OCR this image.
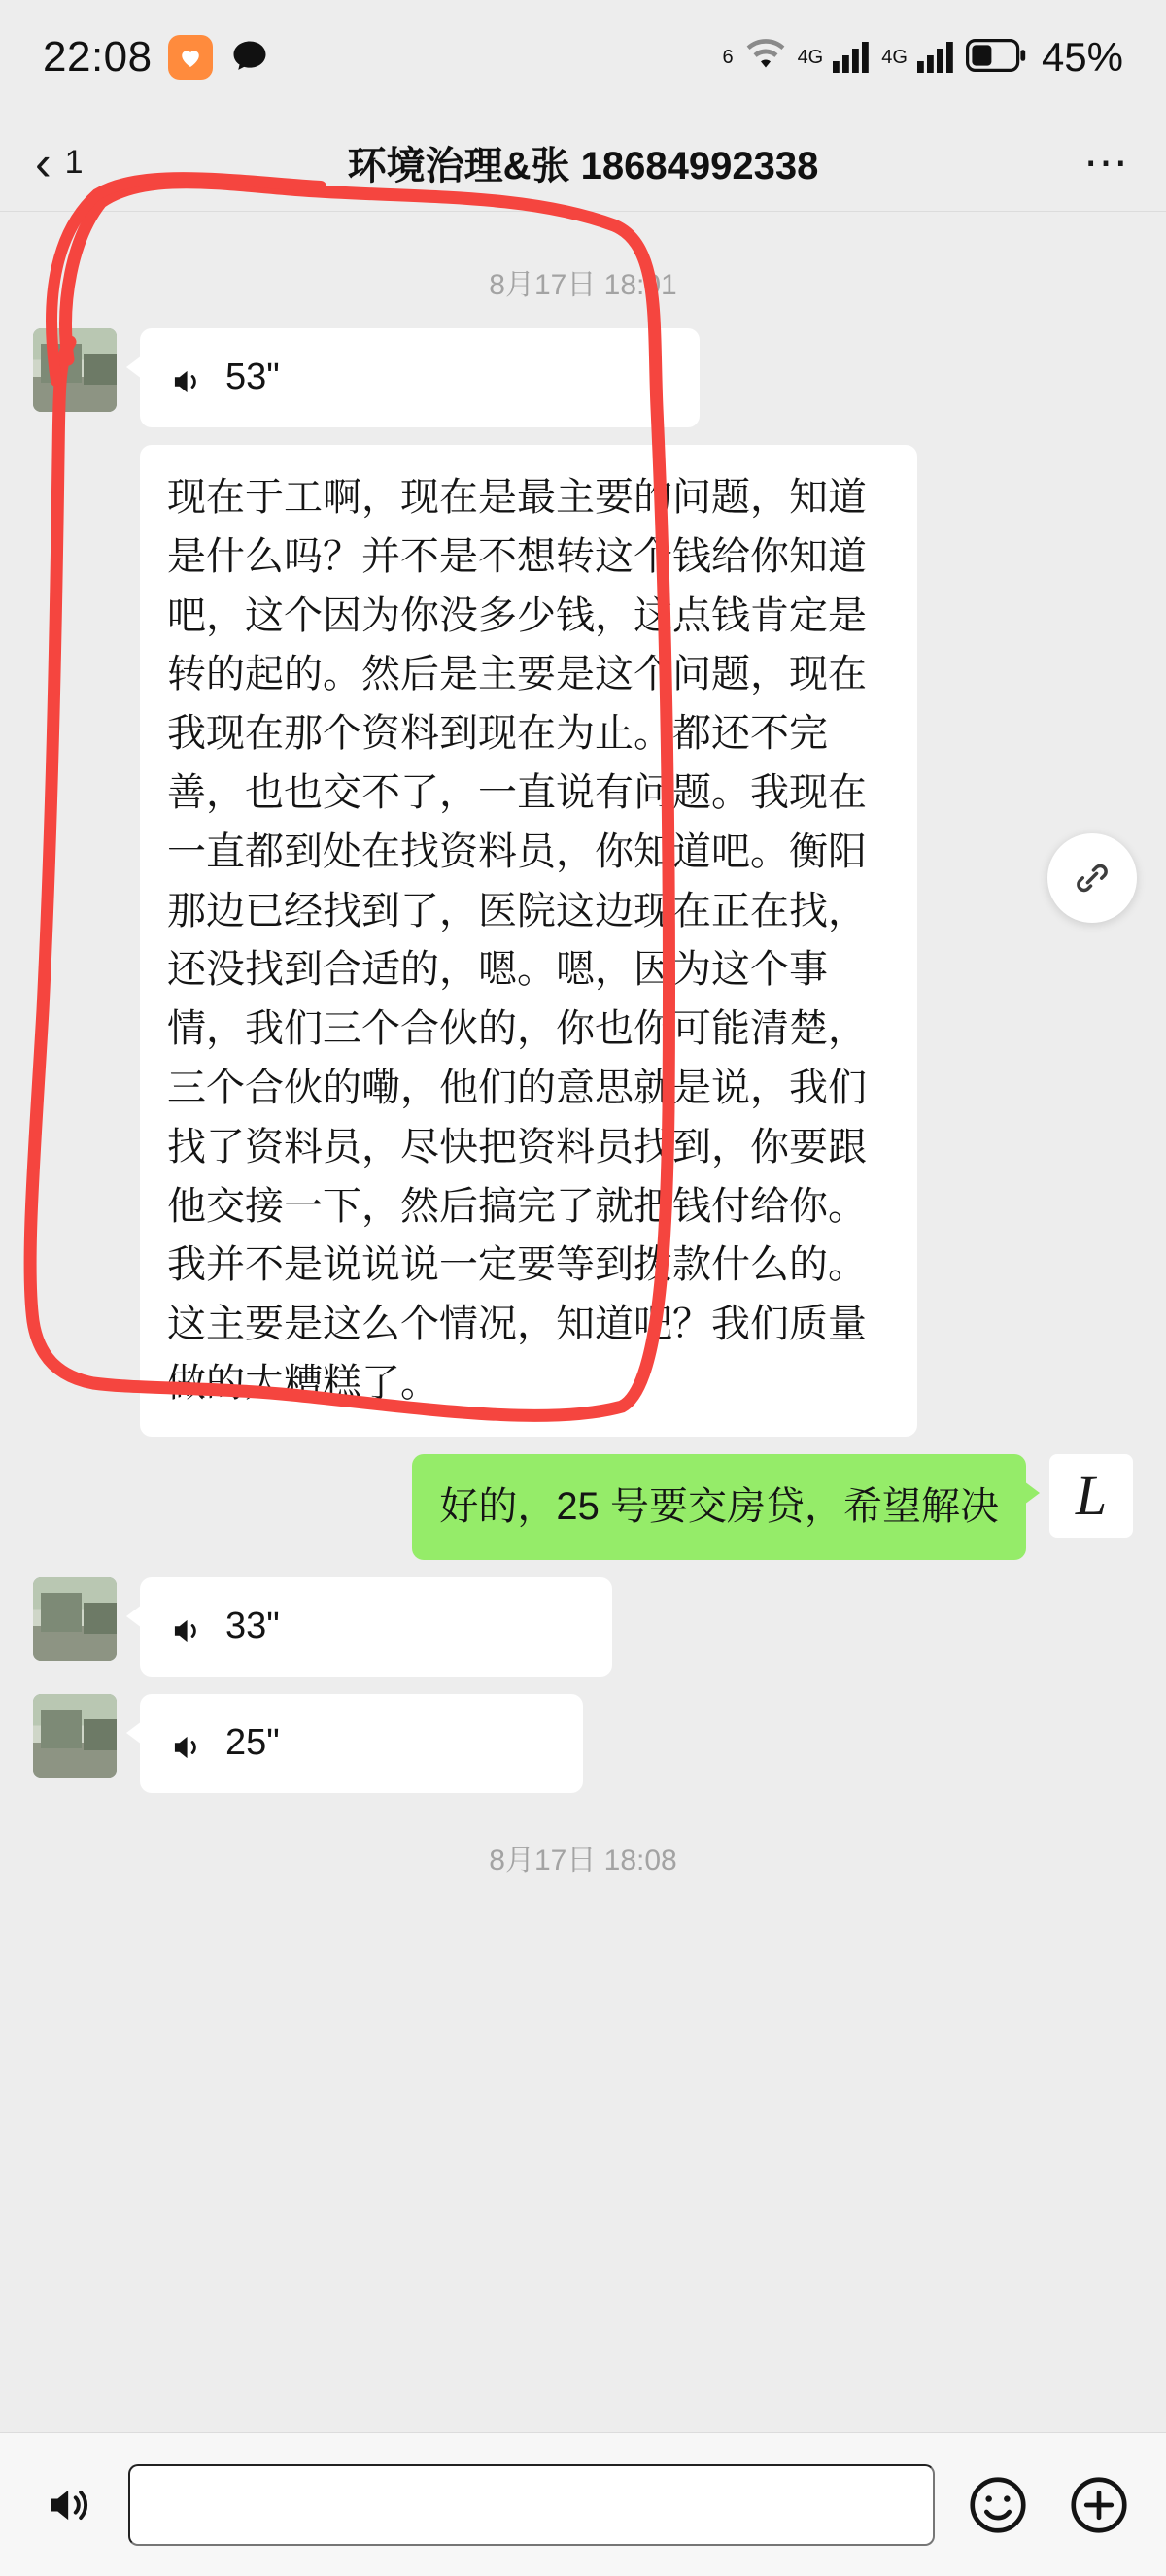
22:08	6	4G	4G	45%
‹ 1	环境治理&张 18684992338	⋯
8月17日 18:01
53"
现在于工啊，现在是最主要的问题，知道是什么吗？并不是不想转这个钱给你知道吧，这个因为你没多少钱，这点钱肯定是转的起的。然后是主要是这个问题，现在我现在那个资料到现在为止。都还不完善，也也交不了，一直说有问题。我现在一直都到处在找资料员，你知道吧。衡阳那边已经找到了，医院这边现在正在找，还没找到合适的，嗯。嗯，因为这个事情，我们三个合伙的，你也你可能清楚，三个合伙的嘞，他们的意思就是说，我们找了资料员，尽快把资料员找到，你要跟他交接一下，然后搞完了就把钱付给你。我并不是说说说一定要等到拨款什么的。这主要是这么个情况，知道吧？我们质量做的太糟糕了。
好的，25 号要交房贷，希望解决	L
33"
25"
8月17日 18:08
